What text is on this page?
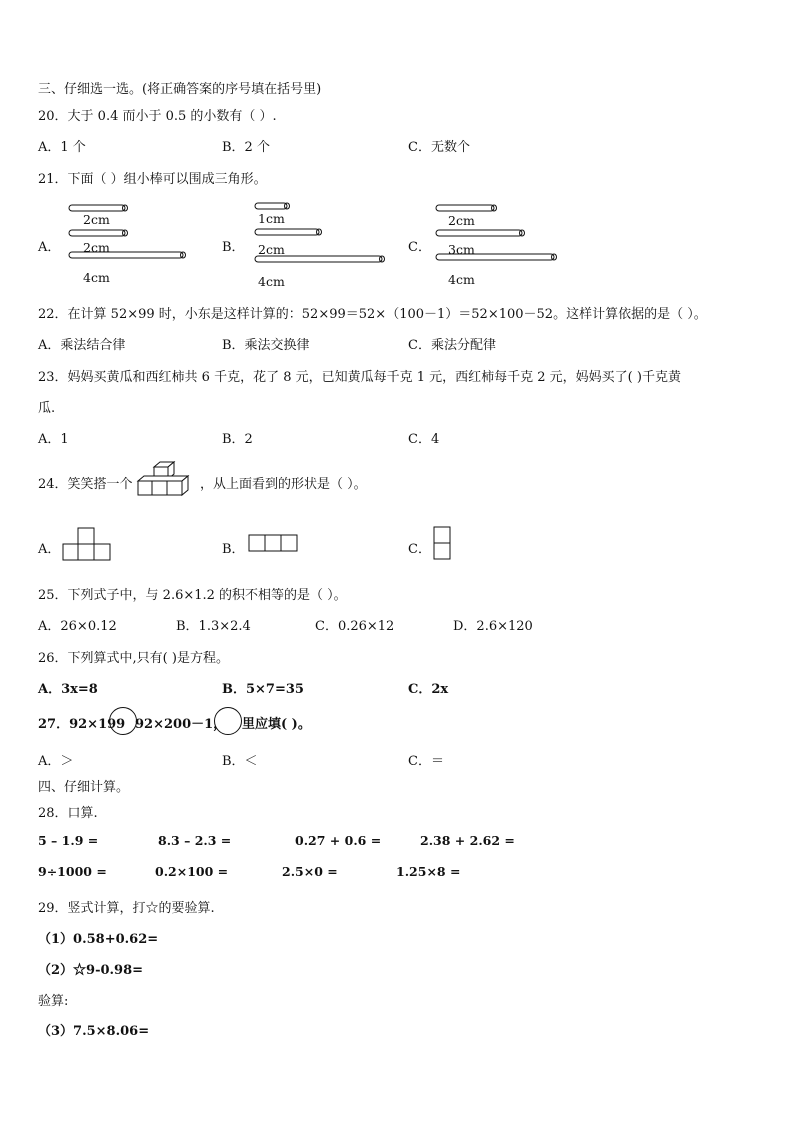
三、仔细选一选。(将正确答案的序号填在括号里)
20．大于 0.4 而小于 0.5 的小数有（ ）.
A．1 个	B．2 个	C．无数个
21．下面（ ）组小棒可以围成三角形。
A．
2cm
2cm
4cm
B．
1cm
2cm
4cm
C．
2cm
3cm
4cm
22．在计算 52×99 时，小东是这样计算的：52×99＝52×（100－1）＝52×100－52。这样计算依据的是（ ）。
A．乘法结合律	B．乘法交换律	C．乘法分配律
23．妈妈买黄瓜和西红柿共 6 千克，花了 8 元，已知黄瓜每千克 1 元，西红柿每千克 2 元，妈妈买了( )千克黄
瓜.
A．1	B．2	C．4
24．笑笑搭一个	，从上面看到的形状是（ ）。
A．	B．	C．
25．下列式子中，与 2.6×1.2 的积不相等的是（ ）。
A．26×0.12	B．1.3×2.4	C．0.26×12	D．2.6×120
26．下列算式中,只有( )是方程。
A．3x=8	B．5×7=35	C．2x
27．92×199 92×200－1， 里应填( )。
A．＞	B．＜	C．＝
四、仔细计算。
28．口算.
5 – 1.9 =	8.3 – 2.3 =	0.27 + 0.6 =	2.38 + 2.62 =
9÷1000 =	0.2×100 =	2.5×0 =	1.25×8 =
29．竖式计算，打☆的要验算.
（1）0.58+0.62=
（2）☆9-0.98=
验算:
（3）7.5×8.06=
